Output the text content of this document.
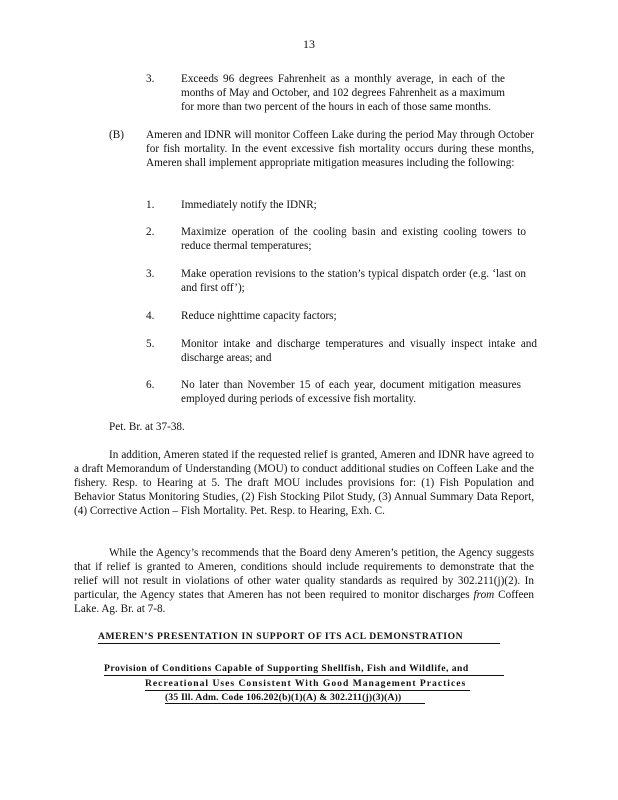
13
3. Exceeds 96 degrees Fahrenheit as a monthly average, in each of the months of May and October, and 102 degrees Fahrenheit as a maximum for more than two percent of the hours in each of those same months.
(B) Ameren and IDNR will monitor Coffeen Lake during the period May through October for fish mortality. In the event excessive fish mortality occurs during these months, Ameren shall implement appropriate mitigation measures including the following:
1. Immediately notify the IDNR;
2. Maximize operation of the cooling basin and existing cooling towers to reduce thermal temperatures;
3. Make operation revisions to the station’s typical dispatch order (e.g. ‘last on and first off’);
4. Reduce nighttime capacity factors;
5. Monitor intake and discharge temperatures and visually inspect intake and discharge areas; and
6. No later than November 15 of each year, document mitigation measures employed during periods of excessive fish mortality.
Pet. Br. at 37-38.
In addition, Ameren stated if the requested relief is granted, Ameren and IDNR have agreed to a draft Memorandum of Understanding (MOU) to conduct additional studies on Coffeen Lake and the fishery. Resp. to Hearing at 5. The draft MOU includes provisions for: (1) Fish Population and Behavior Status Monitoring Studies, (2) Fish Stocking Pilot Study, (3) Annual Summary Data Report, (4) Corrective Action – Fish Mortality. Pet. Resp. to Hearing, Exh. C.
While the Agency’s recommends that the Board deny Ameren’s petition, the Agency suggests that if relief is granted to Ameren, conditions should include requirements to demonstrate that the relief will not result in violations of other water quality standards as required by 302.211(j)(2). In particular, the Agency states that Ameren has not been required to monitor discharges from Coffeen Lake. Ag. Br. at 7-8.
AMEREN’S PRESENTATION IN SUPPORT OF ITS ACL DEMONSTRATION
Provision of Conditions Capable of Supporting Shellfish, Fish and Wildlife, and
Recreational Uses Consistent With Good Management Practices
(35 Ill. Adm. Code 106.202(b)(1)(A) & 302.211(j)(3)(A))
